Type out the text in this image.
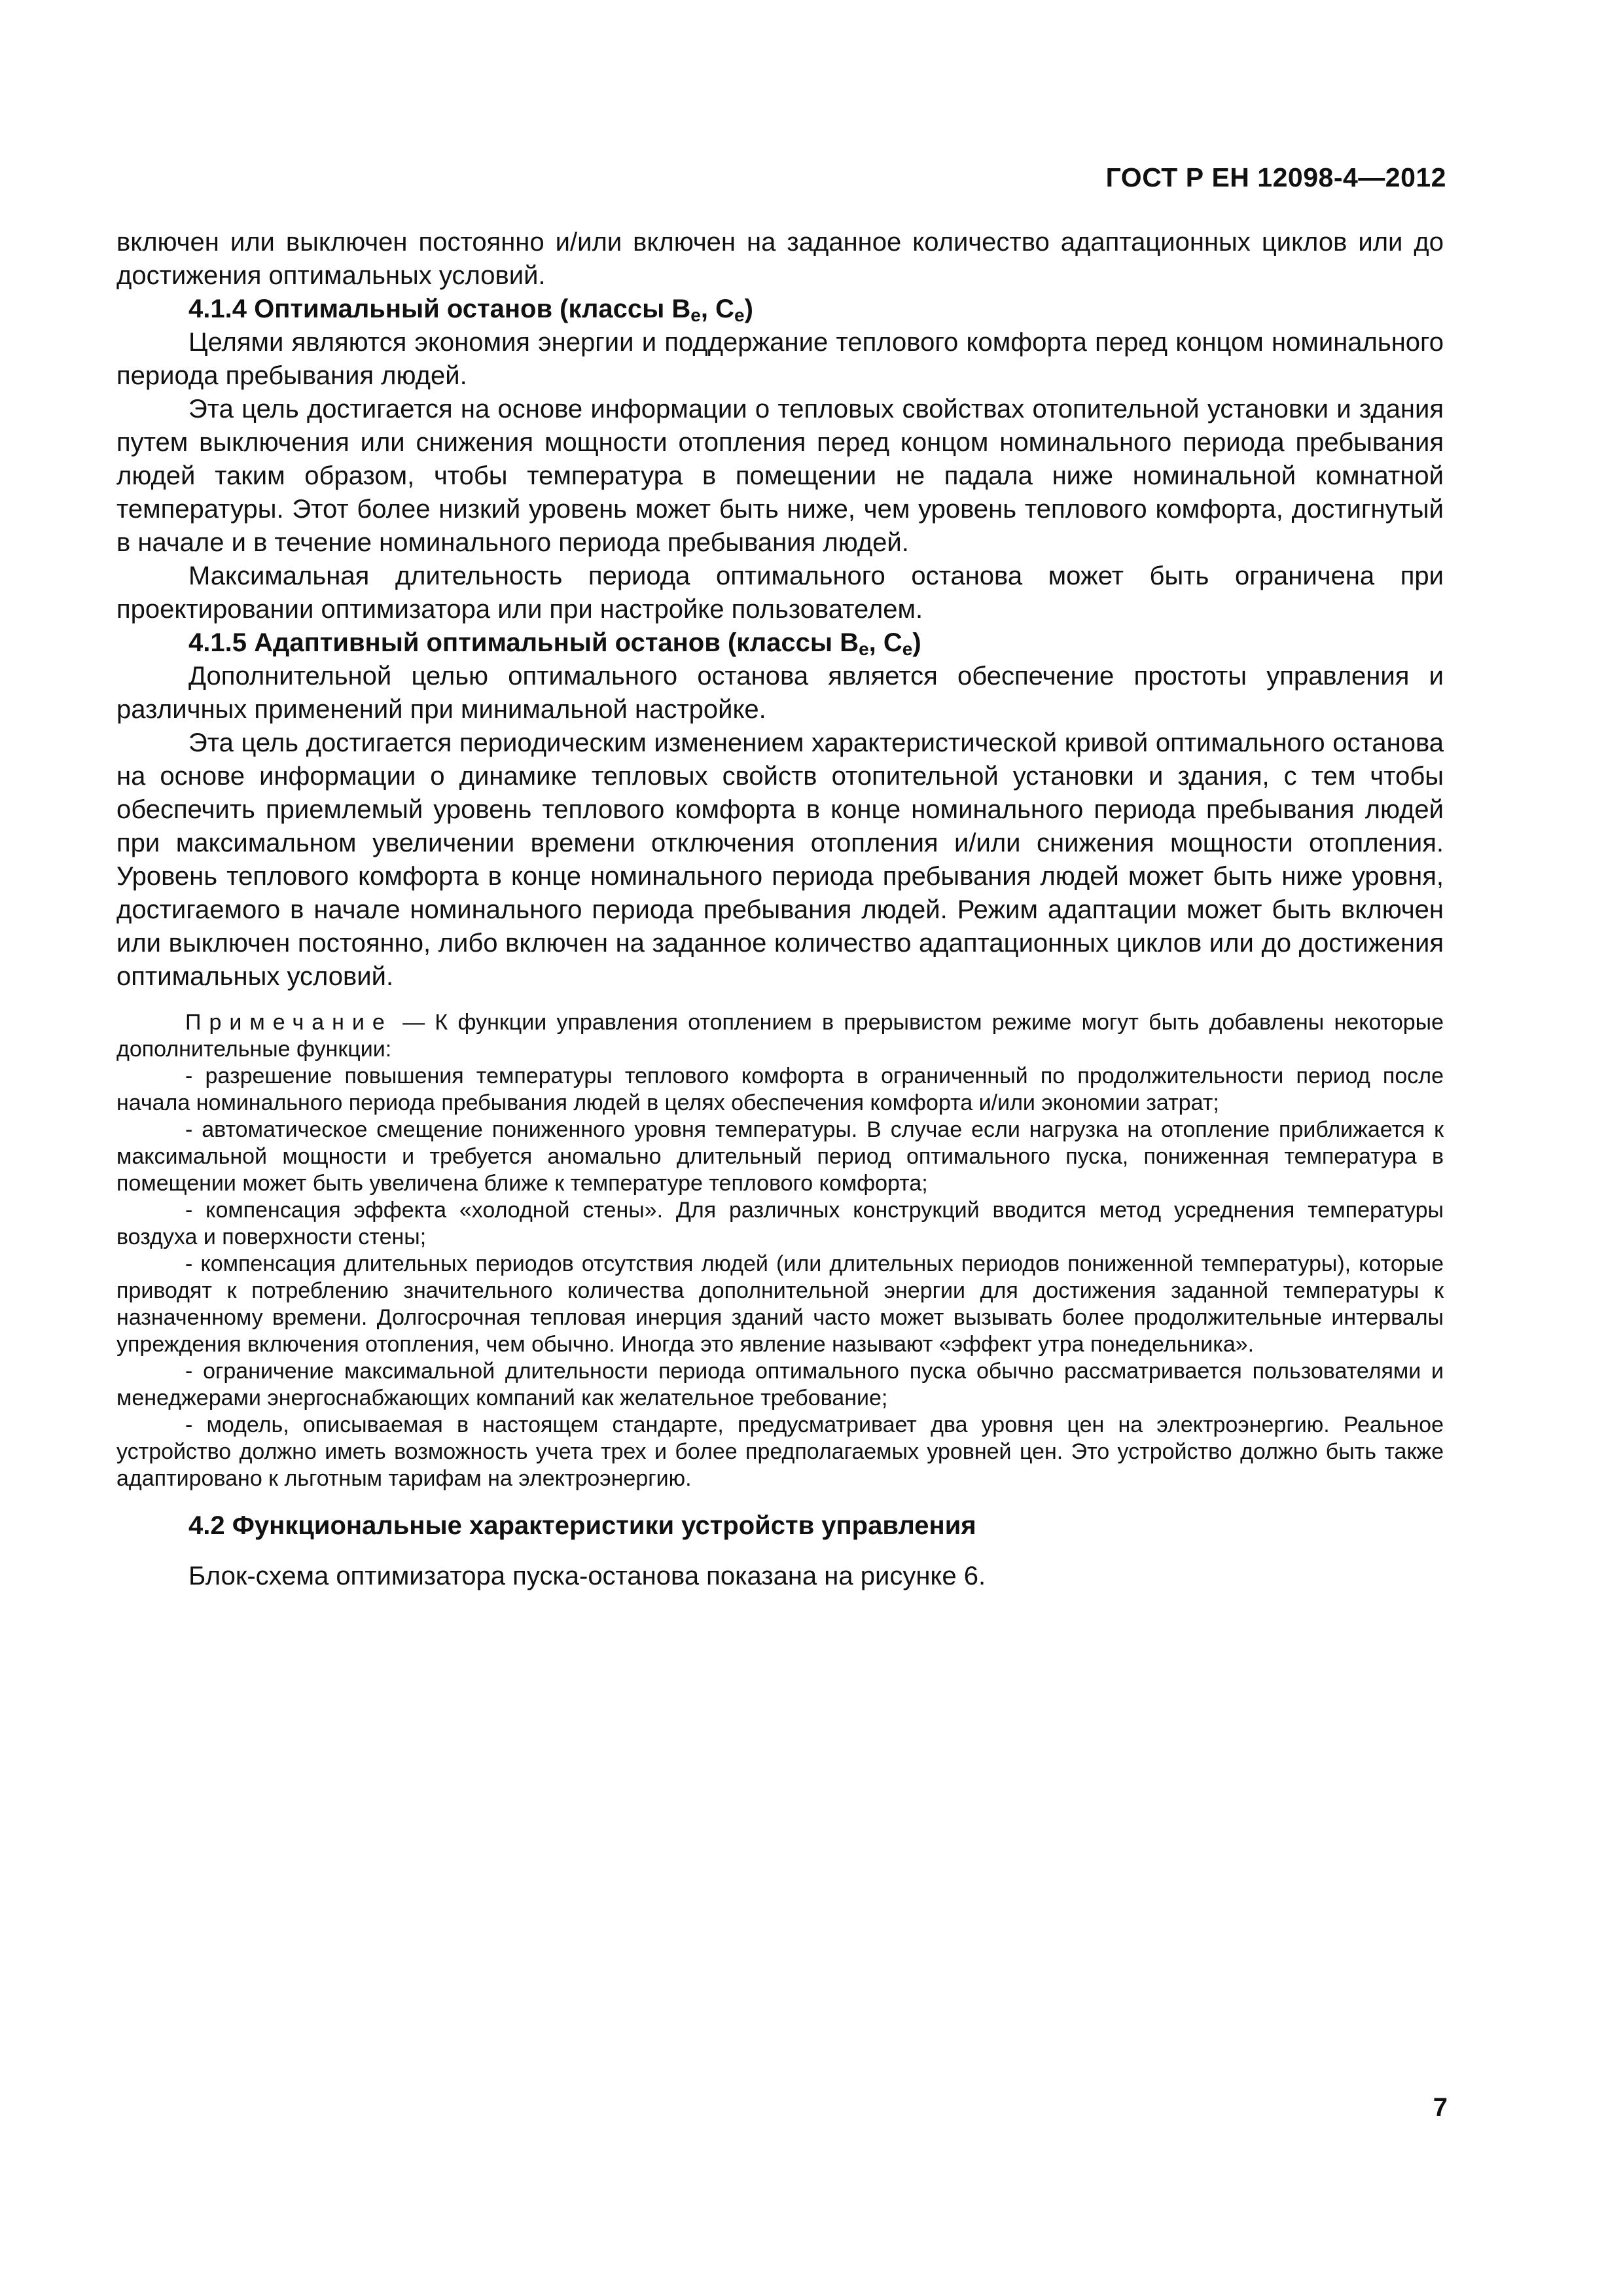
ГОСТ Р ЕН 12098-4—2012

включен или выключен постоянно и/или включен на заданное количество адаптационных циклов или до достижения оптимальных условий.

4.1.4 Оптимальный останов (классы $B_e$, $C_e$)

Целями являются экономия энергии и поддержание теплового комфорта перед концом номинального периода пребывания людей.

Эта цель достигается на основе информации о тепловых свойствах отопительной установки и здания путем выключения или снижения мощности отопления перед концом номинального периода пребывания людей таким образом, чтобы температура в помещении не падала ниже номинальной комнатной температуры. Этот более низкий уровень может быть ниже, чем уровень теплового комфорта, достигнутый в начале и в течение номинального периода пребывания людей.

Максимальная длительность периода оптимального останова может быть ограничена при проектировании оптимизатора или при настройке пользователем.

4.1.5 Адаптивный оптимальный останов (классы $B_e$, $C_e$)

Дополнительной целью оптимального останова является обеспечение простоты управления и различных применений при минимальной настройке.

Эта цель достигается периодическим изменением характеристической кривой оптимального останова на основе информации о динамике тепловых свойств отопительной установки и здания, с тем чтобы обеспечить приемлемый уровень теплового комфорта в конце номинального периода пребывания людей при максимальном увеличении времени отключения отопления и/или снижения мощности отопления. Уровень теплового комфорта в конце номинального периода пребывания людей может быть ниже уровня, достигаемого в начале номинального периода пребывания людей. Режим адаптации может быть включен или выключен постоянно, либо включен на заданное количество адаптационных циклов или до достижения оптимальных условий.

Примечание — К функции управления отоплением в прерывистом режиме могут быть добавлены некоторые дополнительные функции:

- разрешение повышения температуры теплового комфорта в ограниченный по продолжительности период после начала номинального периода пребывания людей в целях обеспечения комфорта и/или экономии затрат;

- автоматическое смещение пониженного уровня температуры. В случае если нагрузка на отопление приближается к максимальной мощности и требуется аномально длительный период оптимального пуска, пониженная температура в помещении может быть увеличена ближе к температуре теплового комфорта;

- компенсация эффекта «холодной стены». Для различных конструкций вводится метод усреднения температуры воздуха и поверхности стены;

- компенсация длительных периодов отсутствия людей (или длительных периодов пониженной температуры), которые приводят к потреблению значительного количества дополнительной энергии для достижения заданной температуры к назначенному времени. Долгосрочная тепловая инерция зданий часто может вызывать более продолжительные интервалы упреждения включения отопления, чем обычно. Иногда это явление называют «эффект утра понедельника».

- ограничение максимальной длительности периода оптимального пуска обычно рассматривается пользователями и менеджерами энергоснабжающих компаний как желательное требование;

- модель, описываемая в настоящем стандарте, предусматривает два уровня цен на электроэнергию. Реальное устройство должно иметь возможность учета трех и более предполагаемых уровней цен. Это устройство должно быть также адаптировано к льготным тарифам на электроэнергию.

4.2 Функциональные характеристики устройств управления

Блок-схема оптимизатора пуска-останова показана на рисунке 6.

7
